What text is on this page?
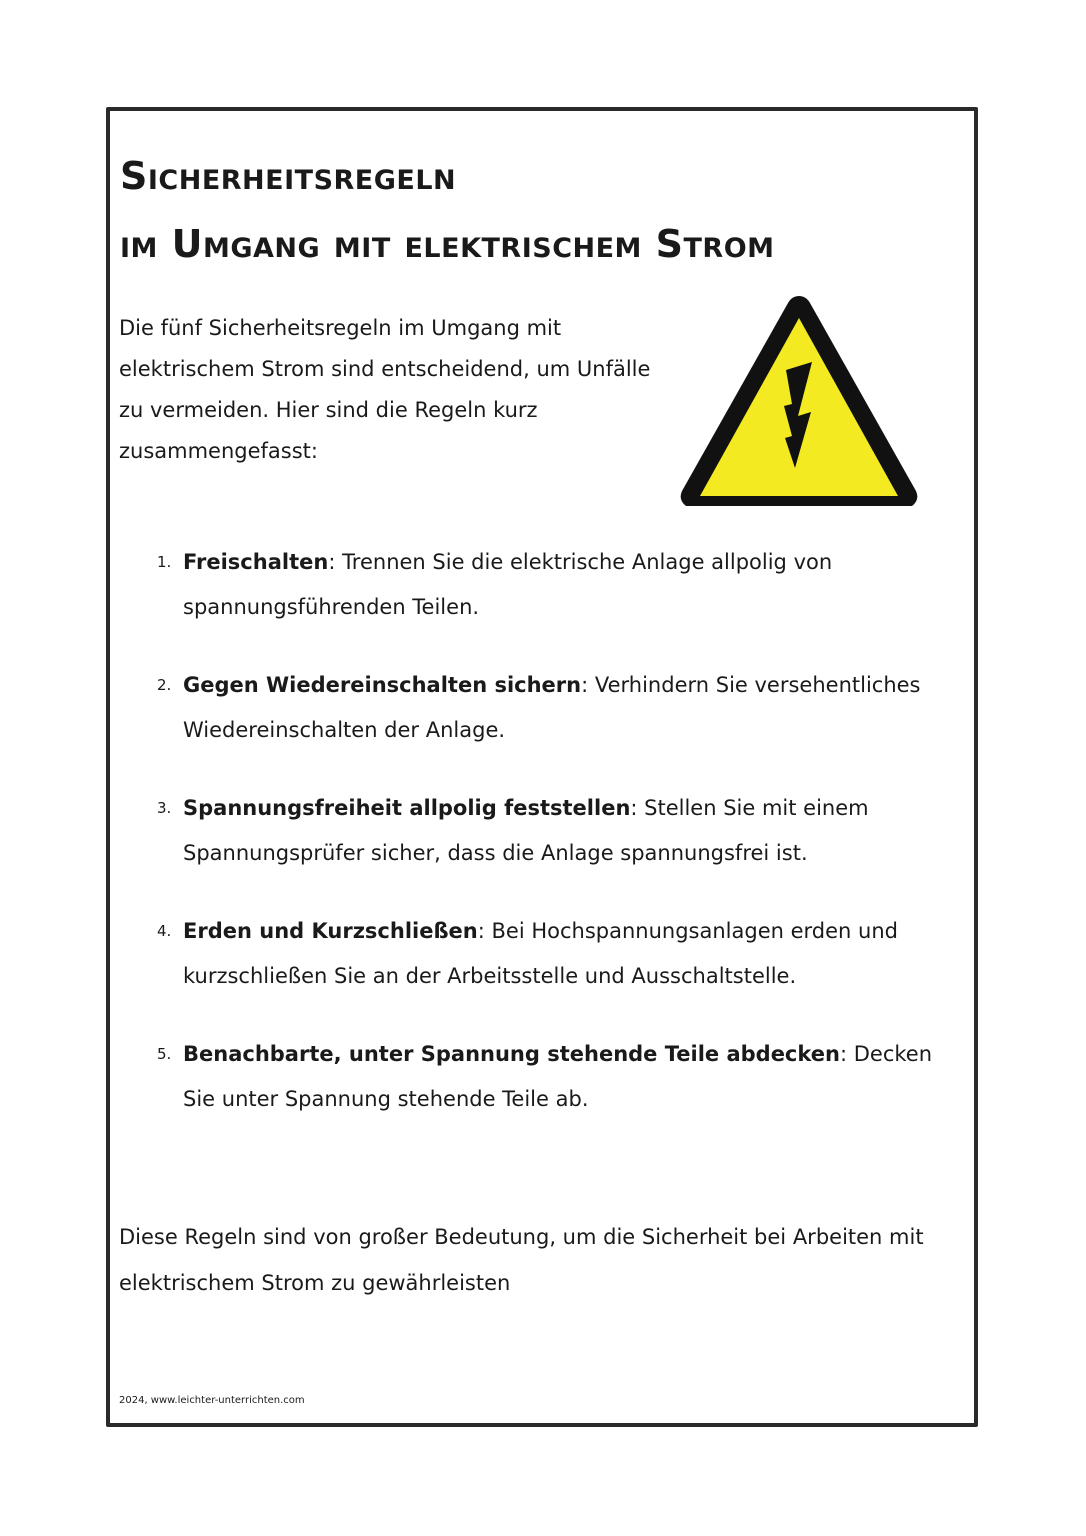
Sicherheitsregeln
im Umgang mit elektrischem Strom

Die fünf Sicherheitsregeln im Umgang mit elektrischem Strom sind entscheidend, um Unfälle zu vermeiden. Hier sind die Regeln kurz zusammengefasst:

1. Freischalten: Trennen Sie die elektrische Anlage allpolig von spannungsführenden Teilen.
2. Gegen Wiedereinschalten sichern: Verhindern Sie versehentliches Wiedereinschalten der Anlage.
3. Spannungsfreiheit allpolig feststellen: Stellen Sie mit einem Spannungsprüfer sicher, dass die Anlage spannungsfrei ist.
4. Erden und Kurzschließen: Bei Hochspannungsanlagen erden und kurzschließen Sie an der Arbeitsstelle und Ausschaltstelle.
5. Benachbarte, unter Spannung stehende Teile abdecken: Decken Sie unter Spannung stehende Teile ab.

Diese Regeln sind von großer Bedeutung, um die Sicherheit bei Arbeiten mit elektrischem Strom zu gewährleisten

2024, www.leichter-unterrichten.com
